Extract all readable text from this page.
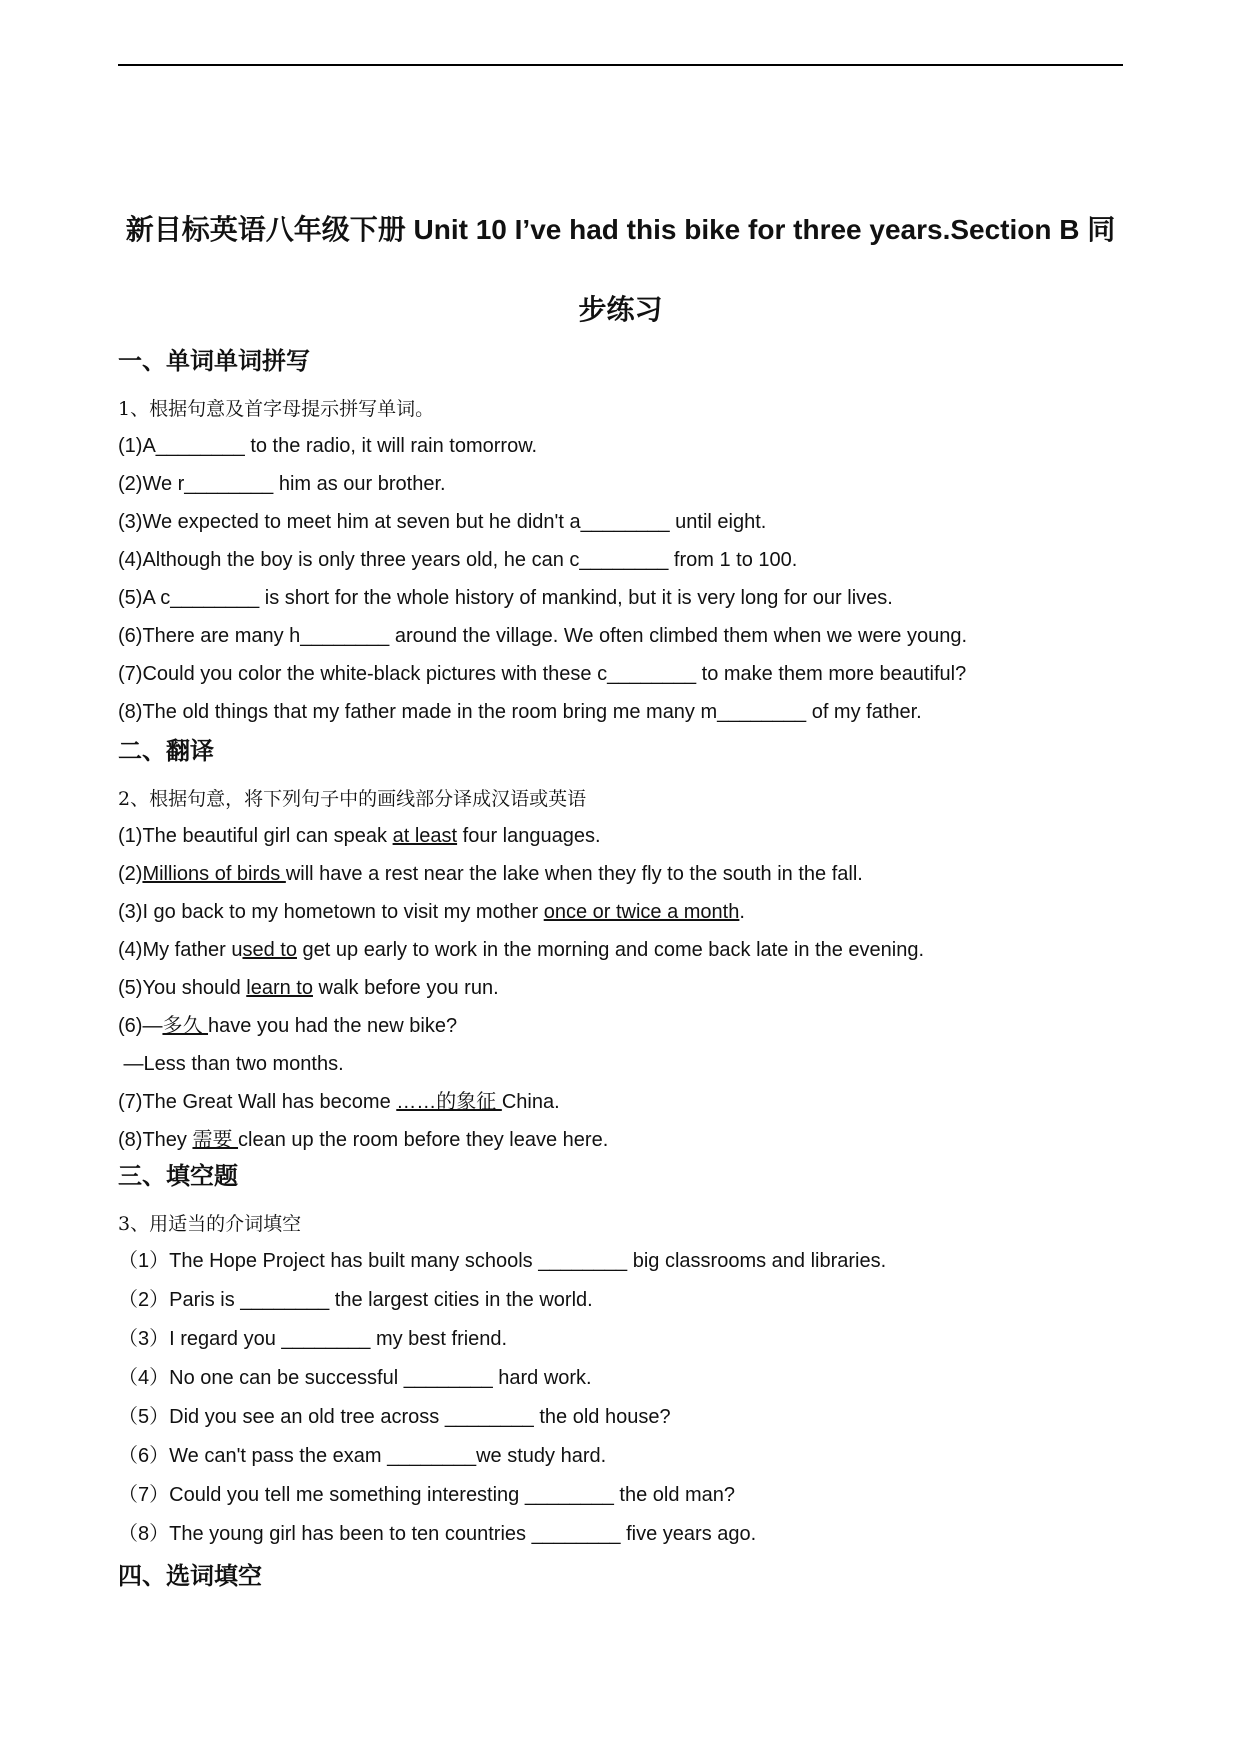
新目标英语八年级下册 Unit 10 I’ve had this bike for three years.Section B 同步练习
一、单词单词拼写
1、根据句意及首字母提示拼写单词。
(1)A________ to the radio, it will rain tomorrow.
(2)We r________ him as our brother.
(3)We expected to meet him at seven but he didn't a________ until eight.
(4)Although the boy is only three years old, he can c________ from 1 to 100.
(5)A c________ is short for the whole history of mankind, but it is very long for our lives.
(6)There are many h________ around the village. We often climbed them when we were young.
(7)Could you color the white-black pictures with these c________ to make them more beautiful?
(8)The old things that my father made in the room bring me many m________ of my father.
二、翻译
2、根据句意，将下列句子中的画线部分译成汉语或英语
(1)The beautiful girl can speak at least four languages.
(2)Millions of birds will have a rest near the lake when they fly to the south in the fall.
(3)I go back to my hometown to visit my mother once or twice a month.
(4)My father used to get up early to work in the morning and come back late in the evening.
(5)You should learn to walk before you run.
(6)—多久 have you had the new bike?
—Less than two months.
(7)The Great Wall has become ……的象征 China.
(8)They 需要 clean up the room before they leave here.
三、填空题
3、用适当的介词填空
（1）The Hope Project has built many schools ________ big classrooms and libraries.
（2）Paris is ________ the largest cities in the world.
（3）I regard you ________ my best friend.
（4）No one can be successful ________ hard work.
（5）Did you see an old tree across ________ the old house?
（6）We can't pass the exam ________we study hard.
（7）Could you tell me something interesting ________ the old man?
（8）The young girl has been to ten countries ________ five years ago.
四、选词填空
